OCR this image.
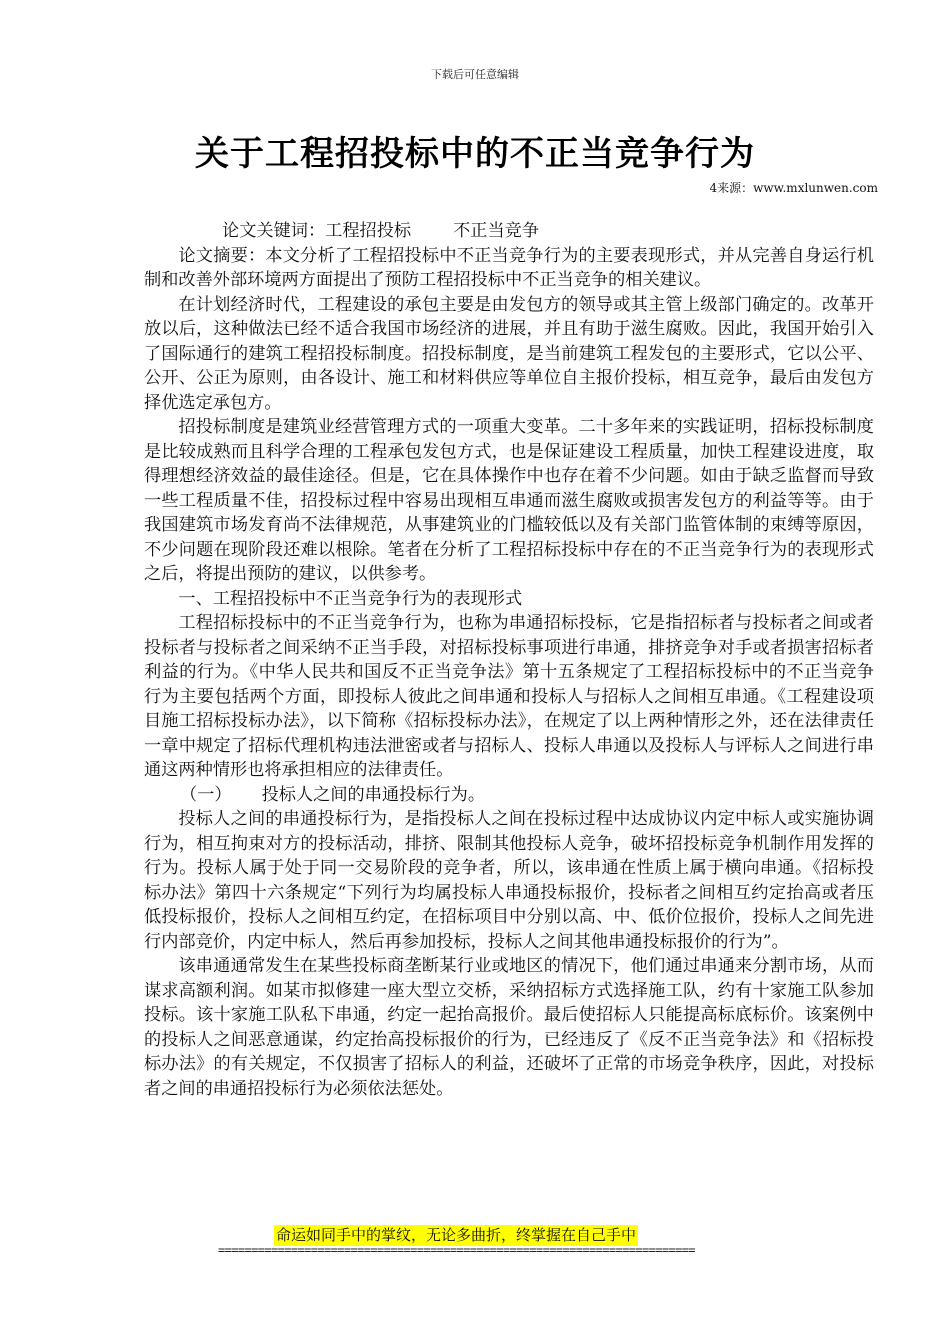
下载后可任意编辑
关于工程招投标中的不正当竞争行为
4来源：www.mxlunwen.com

论文关键词：工程招投标 不正当竞争

论文摘要：本文分析了工程招投标中不正当竞争行为的主要表现形式，并从完善自身运行机制和改善外部环境两方面提出了预防工程招投标中不正当竞争的相关建议。

在计划经济时代，工程建设的承包主要是由发包方的领导或其主管上级部门确定的。改革开放以后，这种做法已经不适合我国市场经济的进展，并且有助于滋生腐败。因此，我国开始引入了国际通行的建筑工程招投标制度。招投标制度，是当前建筑工程发包的主要形式，它以公平、公开、公正为原则，由各设计、施工和材料供应等单位自主报价投标，相互竞争，最后由发包方择优选定承包方。

招投标制度是建筑业经营管理方式的一项重大变革。二十多年来的实践证明，招标投标制度是比较成熟而且科学合理的工程承包发包方式，也是保证建设工程质量，加快工程建设进度，取得理想经济效益的最佳途径。但是，它在具体操作中也存在着不少问题。如由于缺乏监督而导致一些工程质量不佳，招投标过程中容易出现相互串通而滋生腐败或损害发包方的利益等等。由于我国建筑市场发育尚不法律规范，从事建筑业的门槛较低以及有关部门监管体制的束缚等原因，不少问题在现阶段还难以根除。笔者在分析了工程招标投标中存在的不正当竞争行为的表现形式之后，将提出预防的建议，以供参考。

一、工程招投标中不正当竞争行为的表现形式

工程招标投标中的不正当竞争行为，也称为串通招标投标，它是指招标者与投标者之间或者投标者与投标者之间采纳不正当手段，对招标投标事项进行串通，排挤竞争对手或者损害招标者利益的行为。《中华人民共和国反不正当竞争法》第十五条规定了工程招标投标中的不正当竞争行为主要包括两个方面，即投标人彼此之间串通和投标人与招标人之间相互串通。《工程建设项目施工招标投标办法》，以下简称《招标投标办法》，在规定了以上两种情形之外，还在法律责任一章中规定了招标代理机构违法泄密或者与招标人、投标人串通以及投标人与评标人之间进行串通这两种情形也将承担相应的法律责任。

（一） 投标人之间的串通投标行为。

投标人之间的串通投标行为，是指投标人之间在投标过程中达成协议内定中标人或实施协调行为，相互拘束对方的投标活动，排挤、限制其他投标人竞争，破坏招投标竞争机制作用发挥的行为。投标人属于处于同一交易阶段的竞争者，所以，该串通在性质上属于横向串通。《招标投标办法》第四十六条规定“下列行为均属投标人串通投标报价，投标者之间相互约定抬高或者压低投标报价，投标人之间相互约定，在招标项目中分别以高、中、低价位报价，投标人之间先进行内部竞价，内定中标人，然后再参加投标，投标人之间其他串通投标报价的行为”。

该串通通常发生在某些投标商垄断某行业或地区的情况下，他们通过串通来分割市场，从而谋求高额利润。如某市拟修建一座大型立交桥，采纳招标方式选择施工队，约有十家施工队参加投标。该十家施工队私下串通，约定一起抬高报价。最后使招标人只能提高标底标价。该案例中的投标人之间恶意通谋，约定抬高投标报价的行为，已经违反了《反不正当竞争法》和《招标投标办法》的有关规定，不仅损害了招标人的利益，还破坏了正常的市场竞争秩序，因此，对投标者之间的串通招投标行为必须依法惩处。

命运如同手中的掌纹，无论多曲折，终掌握在自己手中
========================================================================
